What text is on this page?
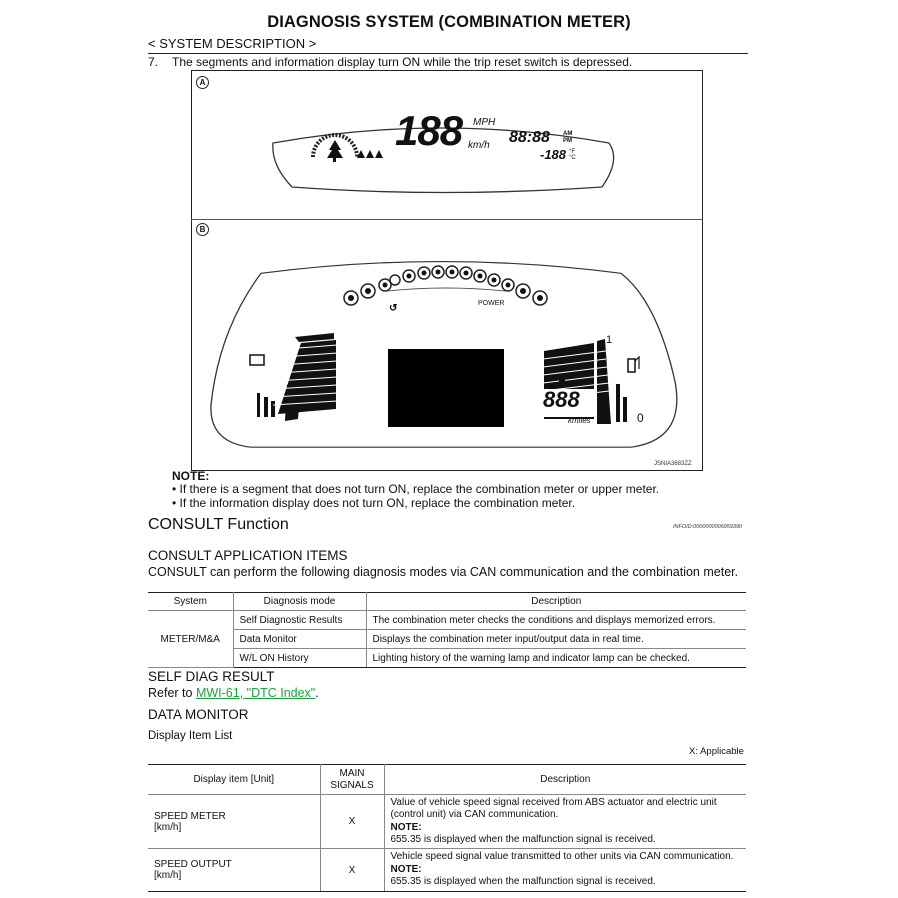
DIAGNOSIS SYSTEM (COMBINATION METER)
< SYSTEM DESCRIPTION >
7. The segments and information display turn ON while the trip reset switch is depressed.
A
B
188 MPH
km/h 88:88 AM
PM
-188 °F
°C
↺
→
POWER
888
kmiles
1
0
JSNIA3683ZZ
NOTE:
• If there is a segment that does not turn ON, replace the combination meter or upper meter.
• If the information display does not turn ON, replace the combination meter.
CONSULT Function	INFOID:0000000006959390
CONSULT APPLICATION ITEMS
CONSULT can perform the following diagnosis modes via CAN communication and the combination meter.
System	Diagnosis mode	Description
METER/M&A	Self Diagnostic Results	The combination meter checks the conditions and displays memorized errors.
	Data Monitor	Displays the combination meter input/output data in real time.
	W/L ON History	Lighting history of the warning lamp and indicator lamp can be checked.
SELF DIAG RESULT
Refer to MWI-61, "DTC Index".
DATA MONITOR
Display Item List
X: Applicable
Display item [Unit]	MAIN SIGNALS	Description
SPEED METER
[km/h]	X	Value of vehicle speed signal received from ABS actuator and electric unit (control unit) via CAN communication.
NOTE:
655.35 is displayed when the malfunction signal is received.
SPEED OUTPUT
[km/h]	X	Vehicle speed signal value transmitted to other units via CAN communication.
NOTE:
655.35 is displayed when the malfunction signal is received.
